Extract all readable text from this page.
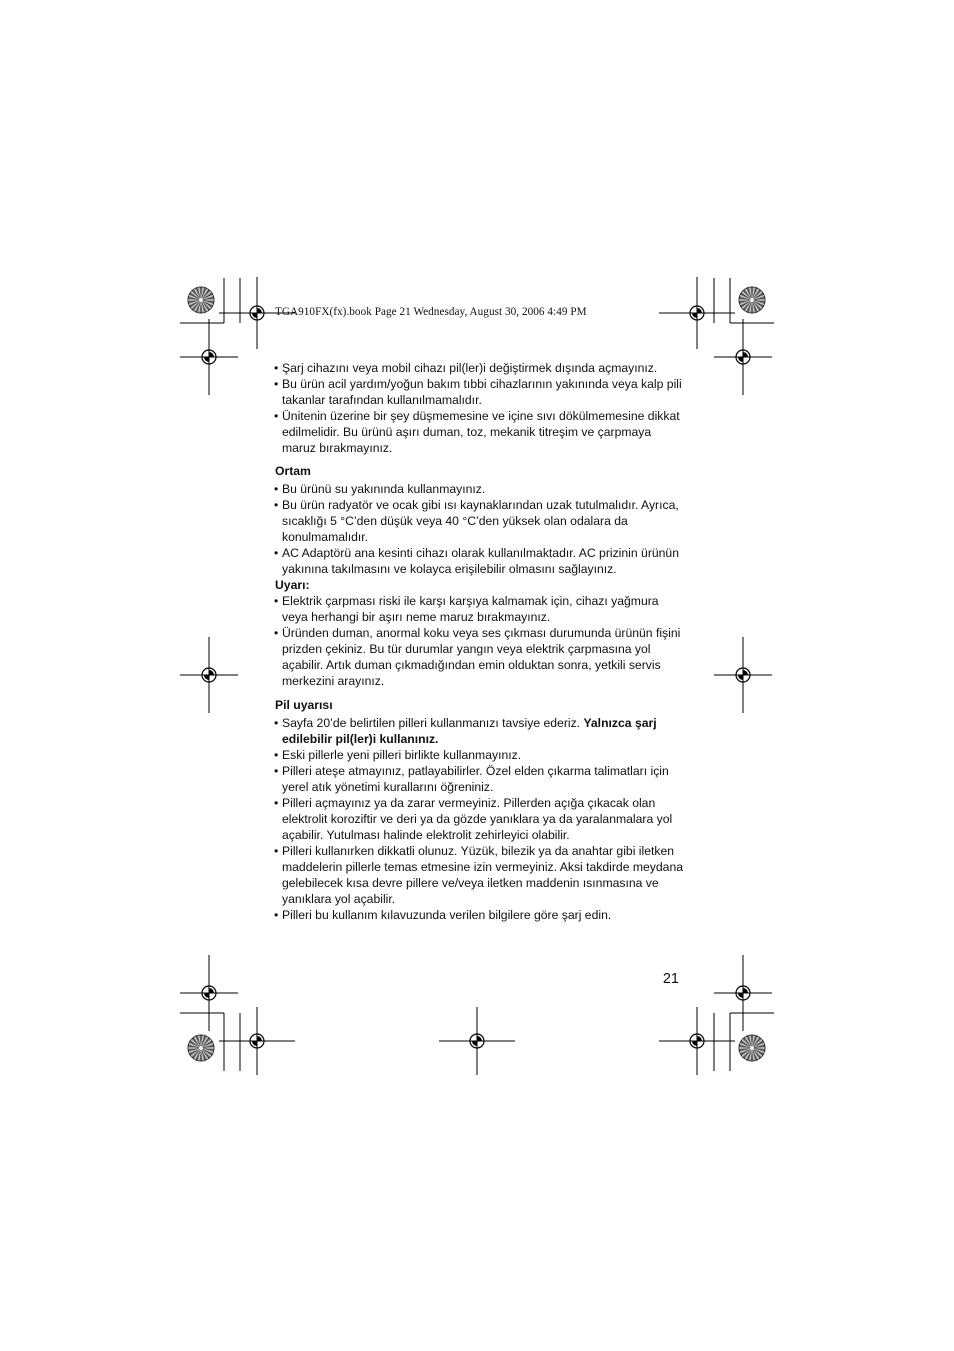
TGA910FX(fx).book Page 21 Wednesday, August 30, 2006 4:49 PM
• Şarj cihazını veya mobil cihazı pil(ler)i değiştirmek dışında açmayınız.
• Bu ürün acil yardım/yoğun bakım tıbbi cihazlarının yakınında veya kalp pili takanlar tarafından kullanılmamalıdır.
• Ünitenin üzerine bir şey düşmemesine ve içine sıvı dökülmemesine dikkat edilmelidir. Bu ürünü aşırı duman, toz, mekanik titreşim ve çarpmaya maruz bırakmayınız.

Ortam

• Bu ürünü su yakınında kullanmayınız.
• Bu ürün radyatör ve ocak gibi ısı kaynaklarından uzak tutulmalıdır. Ayrıca, sıcaklığı 5 °C’den düşük veya 40 °C’den yüksek olan odalara da konulmamalıdır.
• AC Adaptörü ana kesinti cihazı olarak kullanılmaktadır. AC prizinin ürünün yakınına takılmasını ve kolayca erişilebilir olmasını sağlayınız.

Uyarı:

• Elektrik çarpması riski ile karşı karşıya kalmamak için, cihazı yağmura veya herhangi bir aşırı neme maruz bırakmayınız.
• Üründen duman, anormal koku veya ses çıkması durumunda ürünün fişini prizden çekiniz. Bu tür durumlar yangın veya elektrik çarpmasına yol açabilir. Artık duman çıkmadığından emin olduktan sonra, yetkili servis merkezini arayınız.

Pil uyarısı

• Sayfa 20’de belirtilen pilleri kullanmanızı tavsiye ederiz. Yalnızca şarj edilebilir pil(ler)i kullanınız.
• Eski pillerle yeni pilleri birlikte kullanmayınız.
• Pilleri ateşe atmayınız, patlayabilirler. Özel elden çıkarma talimatları için yerel atık yönetimi kurallarını öğreniniz.
• Pilleri açmayınız ya da zarar vermeyiniz. Pillerden açığa çıkacak olan elektrolit koroziftir ve deri ya da gözde yanıklara ya da yaralanmalara yol açabilir. Yutulması halinde elektrolit zehirleyici olabilir.
• Pilleri kullanırken dikkatli olunuz. Yüzük, bilezik ya da anahtar gibi iletken maddelerin pillerle temas etmesine izin vermeyiniz. Aksi takdirde meydana gelebilecek kısa devre pillere ve/veya iletken maddenin ısınmasına ve yanıklara yol açabilir.
• Pilleri bu kullanım kılavuzunda verilen bilgilere göre şarj edin.
21
